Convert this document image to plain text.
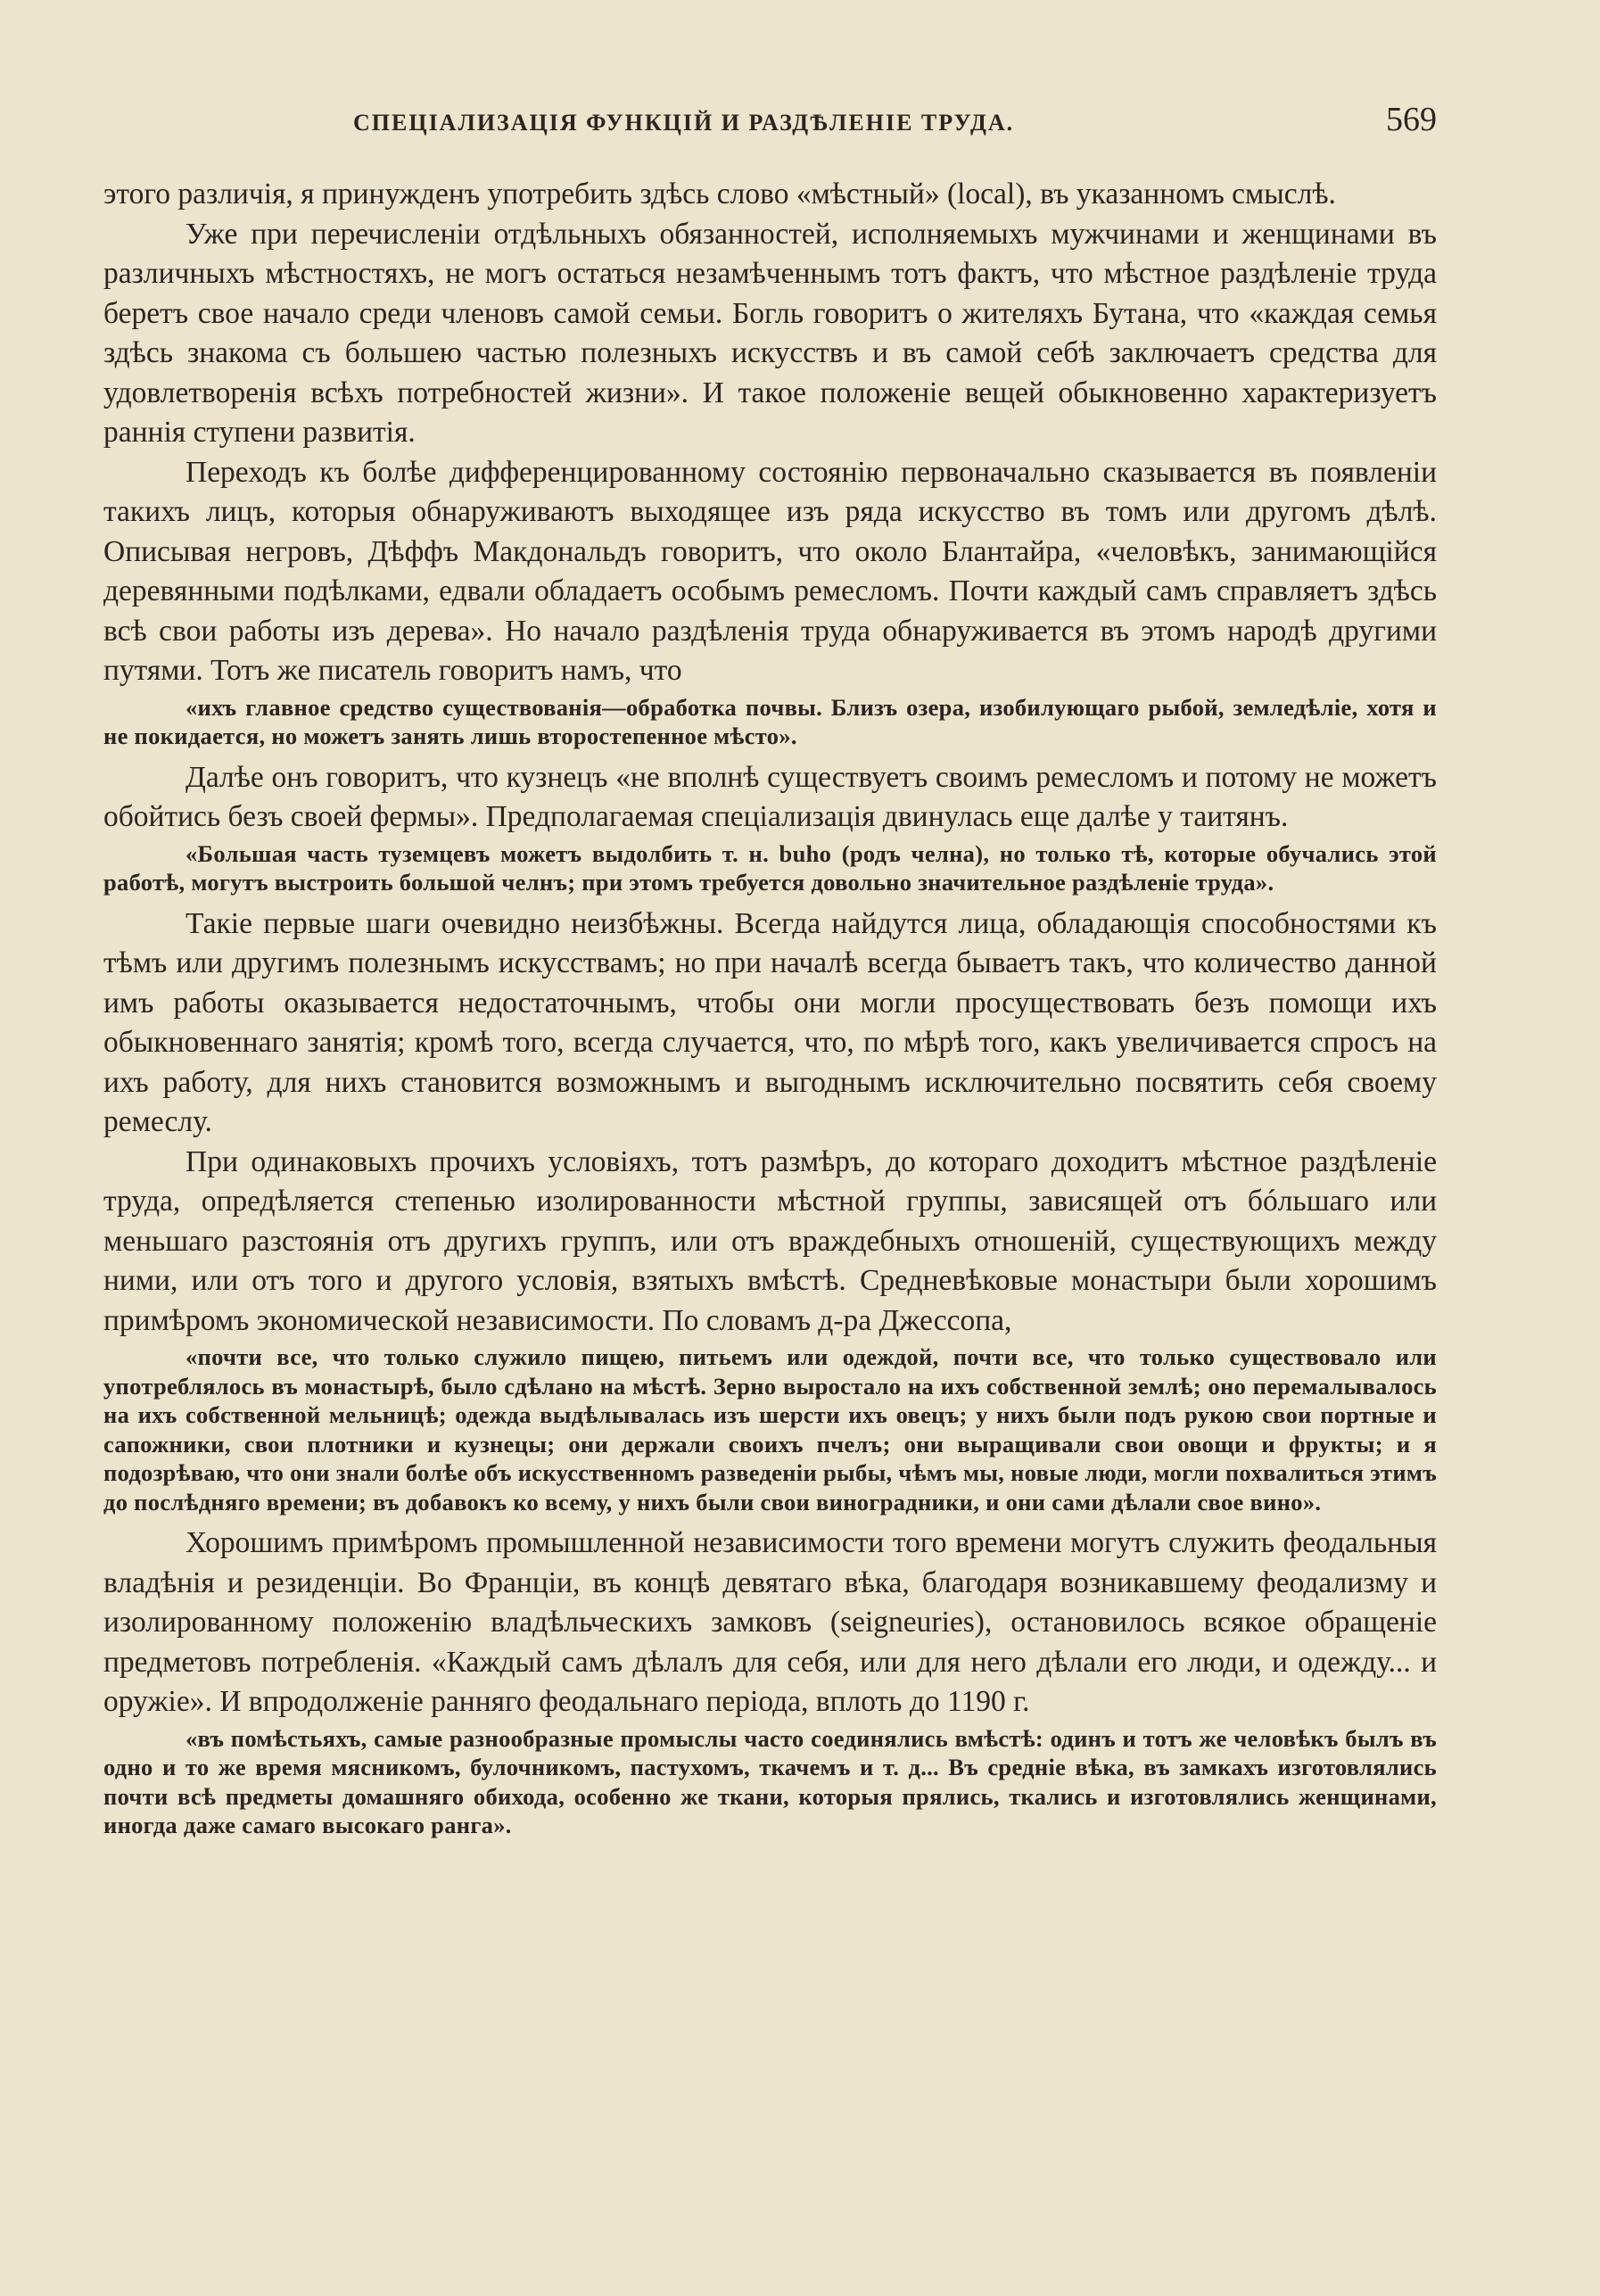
СПЕЦІАЛИЗАЦІЯ ФУНКЦІЙ И РАЗДѢЛЕНІЕ ТРУДА.	569

этого различія, я принужденъ употребить здѣсь слово «мѣстный» (local), въ указанномъ смыслѣ.

Уже при перечисленіи отдѣльныхъ обязанностей, исполняемыхъ мужчинами и женщинами въ различныхъ мѣстностяхъ, не могъ остаться незамѣченнымъ тотъ фактъ, что мѣстное раздѣленіе труда беретъ свое начало среди членовъ самой семьи. Богль говоритъ о жителяхъ Бутана, что «каждая семья здѣсь знакома съ большею частью полезныхъ искусствъ и въ самой себѣ заключаетъ средства для удовлетворенія всѣхъ потребностей жизни». И такое положеніе вещей обыкновенно характеризуетъ раннія ступени развитія.

Переходъ къ болѣе дифференцированному состоянію первоначально сказывается въ появленіи такихъ лицъ, которыя обнаруживаютъ выходящее изъ ряда искусство въ томъ или другомъ дѣлѣ. Описывая негровъ, Дѣффъ Макдональдъ говоритъ, что около Блантайра, «человѣкъ, занимающійся деревянными подѣлками, едвали обладаетъ особымъ ремесломъ. Почти каждый самъ справляетъ здѣсь всѣ свои работы изъ дерева». Но начало раздѣленія труда обнаруживается въ этомъ народѣ другими путями. Тотъ же писатель говоритъ намъ, что

«ихъ главное средство существованія—обработка почвы. Близъ озера, изобилующаго рыбой, земледѣліе, хотя и не покидается, но можетъ занять лишь второстепенное мѣсто».

Далѣе онъ говоритъ, что кузнецъ «не вполнѣ существуетъ своимъ ремесломъ и потому не можетъ обойтись безъ своей фермы». Предполагаемая спеціализація двинулась еще далѣе у таитянъ.

«Большая часть туземцевъ можетъ выдолбить т. н. buho (родъ челна), но только тѣ, которые обучались этой работѣ, могутъ выстроить большой челнъ; при этомъ требуется довольно значительное раздѣленіе труда».

Такіе первые шаги очевидно неизбѣжны. Всегда найдутся лица, обладающія способностями къ тѣмъ или другимъ полезнымъ искусствамъ; но при началѣ всегда бываетъ такъ, что количество данной имъ работы оказывается недостаточнымъ, чтобы они могли просуществовать безъ помощи ихъ обыкновеннаго занятія; кромѣ того, всегда случается, что, по мѣрѣ того, какъ увеличивается спросъ на ихъ работу, для нихъ становится возможнымъ и выгоднымъ исключительно посвятить себя своему ремеслу.

При одинаковыхъ прочихъ условіяхъ, тотъ размѣръ, до котораго доходитъ мѣстное раздѣленіе труда, опредѣляется степенью изолированности мѣстной группы, зависящей отъ бóльшаго или меньшаго разстоянія отъ другихъ группъ, или отъ враждебныхъ отношеній, существующихъ между ними, или отъ того и другого условія, взятыхъ вмѣстѣ. Средневѣковые монастыри были хорошимъ примѣромъ экономической независимости. По словамъ д-ра Джессопа,

«почти все, что только служило пищею, питьемъ или одеждой, почти все, что только существовало или употреблялось въ монастырѣ, было сдѣлано на мѣстѣ. Зерно выростало на ихъ собственной землѣ; оно перемалывалось на ихъ собственной мельницѣ; одежда выдѣлывалась изъ шерсти ихъ овецъ; у нихъ были подъ рукою свои портные и сапожники, свои плотники и кузнецы; они держали своихъ пчелъ; они выращивали свои овощи и фрукты; и я подозрѣваю, что они знали болѣе объ искусственномъ разведеніи рыбы, чѣмъ мы, новые люди, могли похвалиться этимъ до послѣдняго времени; въ добавокъ ко всему, у нихъ были свои виноградники, и они сами дѣлали свое вино».

Хорошимъ примѣромъ промышленной независимости того времени могутъ служить феодальныя владѣнія и резиденціи. Во Франціи, въ концѣ девятаго вѣка, благодаря возникавшему феодализму и изолированному положенію владѣльческихъ замковъ (seigneuries), остановилось всякое обращеніе предметовъ потребленія. «Каждый самъ дѣлалъ для себя, или для него дѣлали его люди, и одежду... и оружіе». И впродолженіе ранняго феодальнаго періода, вплоть до 1190 г.

«въ помѣстьяхъ, самые разнообразные промыслы часто соединялись вмѣстѣ: одинъ и тотъ же человѣкъ былъ въ одно и то же время мясникомъ, булочникомъ, пастухомъ, ткачемъ и т. д... Въ средніе вѣка, въ замкахъ изготовлялись почти всѣ предметы домашняго обихода, особенно же ткани, которыя прялись, ткались и изготовлялись женщинами, иногда даже самаго высокаго ранга».
